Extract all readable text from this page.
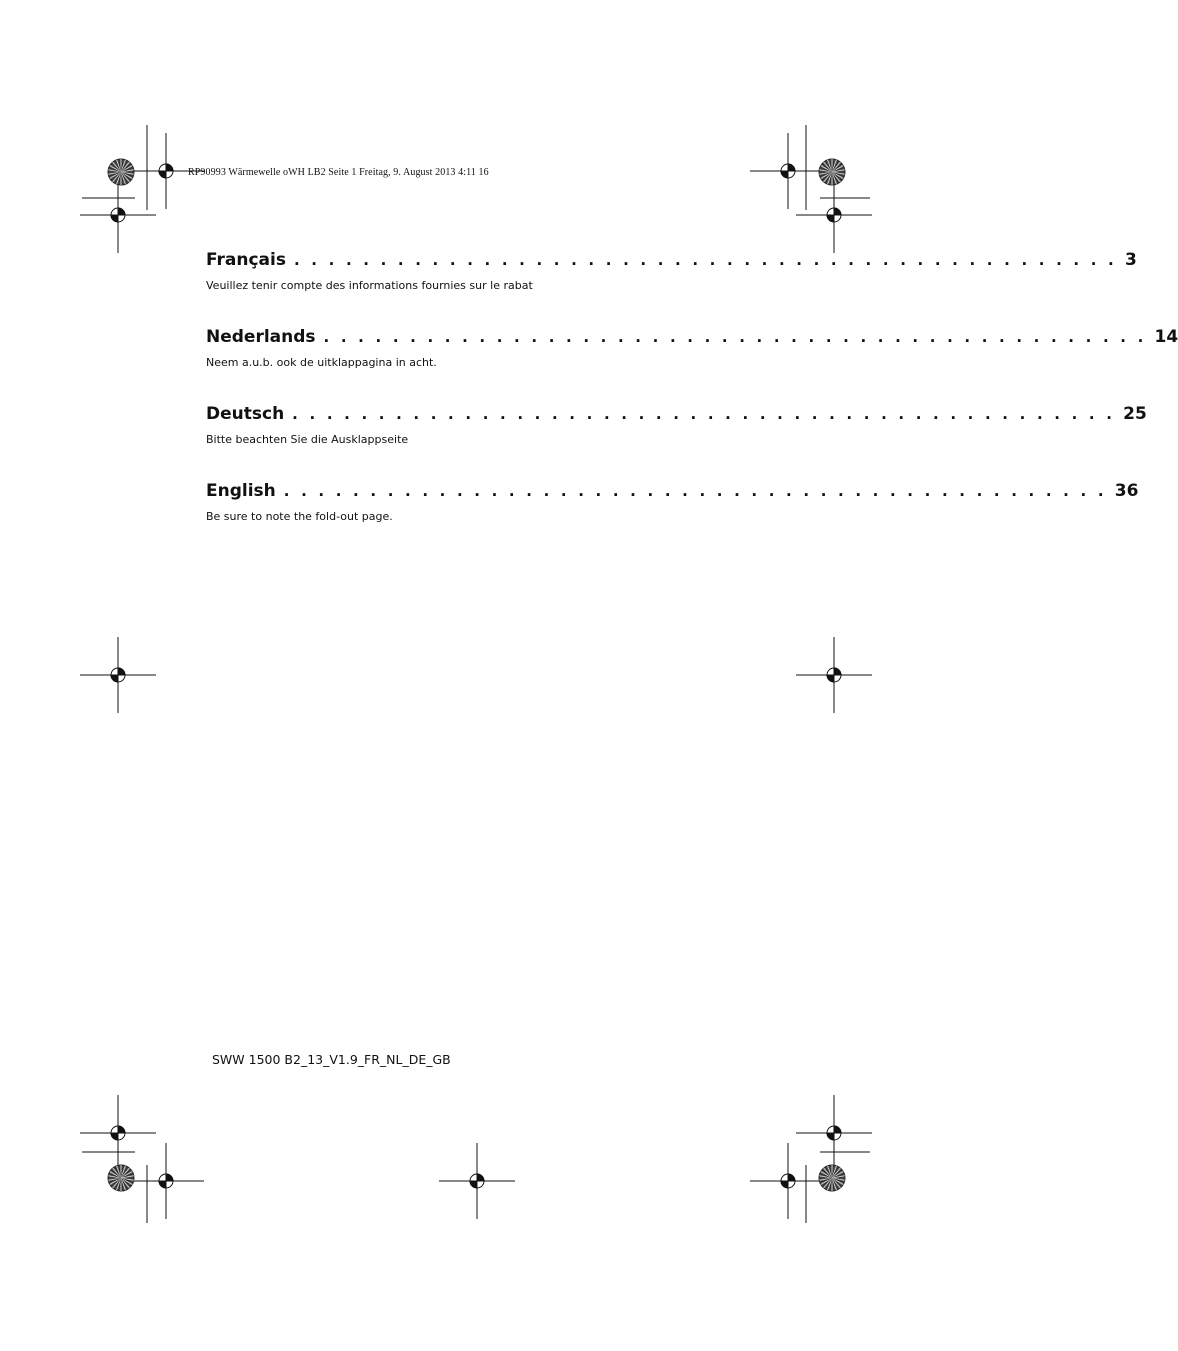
RP90993 Wärmewelle oWH LB2 Seite 1 Freitag, 9. August 2013 4:11 16
Français . . . . . . . . . . . . . . . . . . . . . . . . . . . . . . . . . . . . . . . . . . . . . . . . 3
Veuillez tenir compte des informations fournies sur le rabat
Nederlands . . . . . . . . . . . . . . . . . . . . . . . . . . . . . . . . . . . . . . . . . . . . . . . . 14
Neem a.u.b. ook de uitklappagina in acht.
Deutsch . . . . . . . . . . . . . . . . . . . . . . . . . . . . . . . . . . . . . . . . . . . . . . . . 25
Bitte beachten Sie die Ausklappseite
English . . . . . . . . . . . . . . . . . . . . . . . . . . . . . . . . . . . . . . . . . . . . . . . . 36
Be sure to note the fold-out page.
SWW 1500 B2_13_V1.9_FR_NL_DE_GB
